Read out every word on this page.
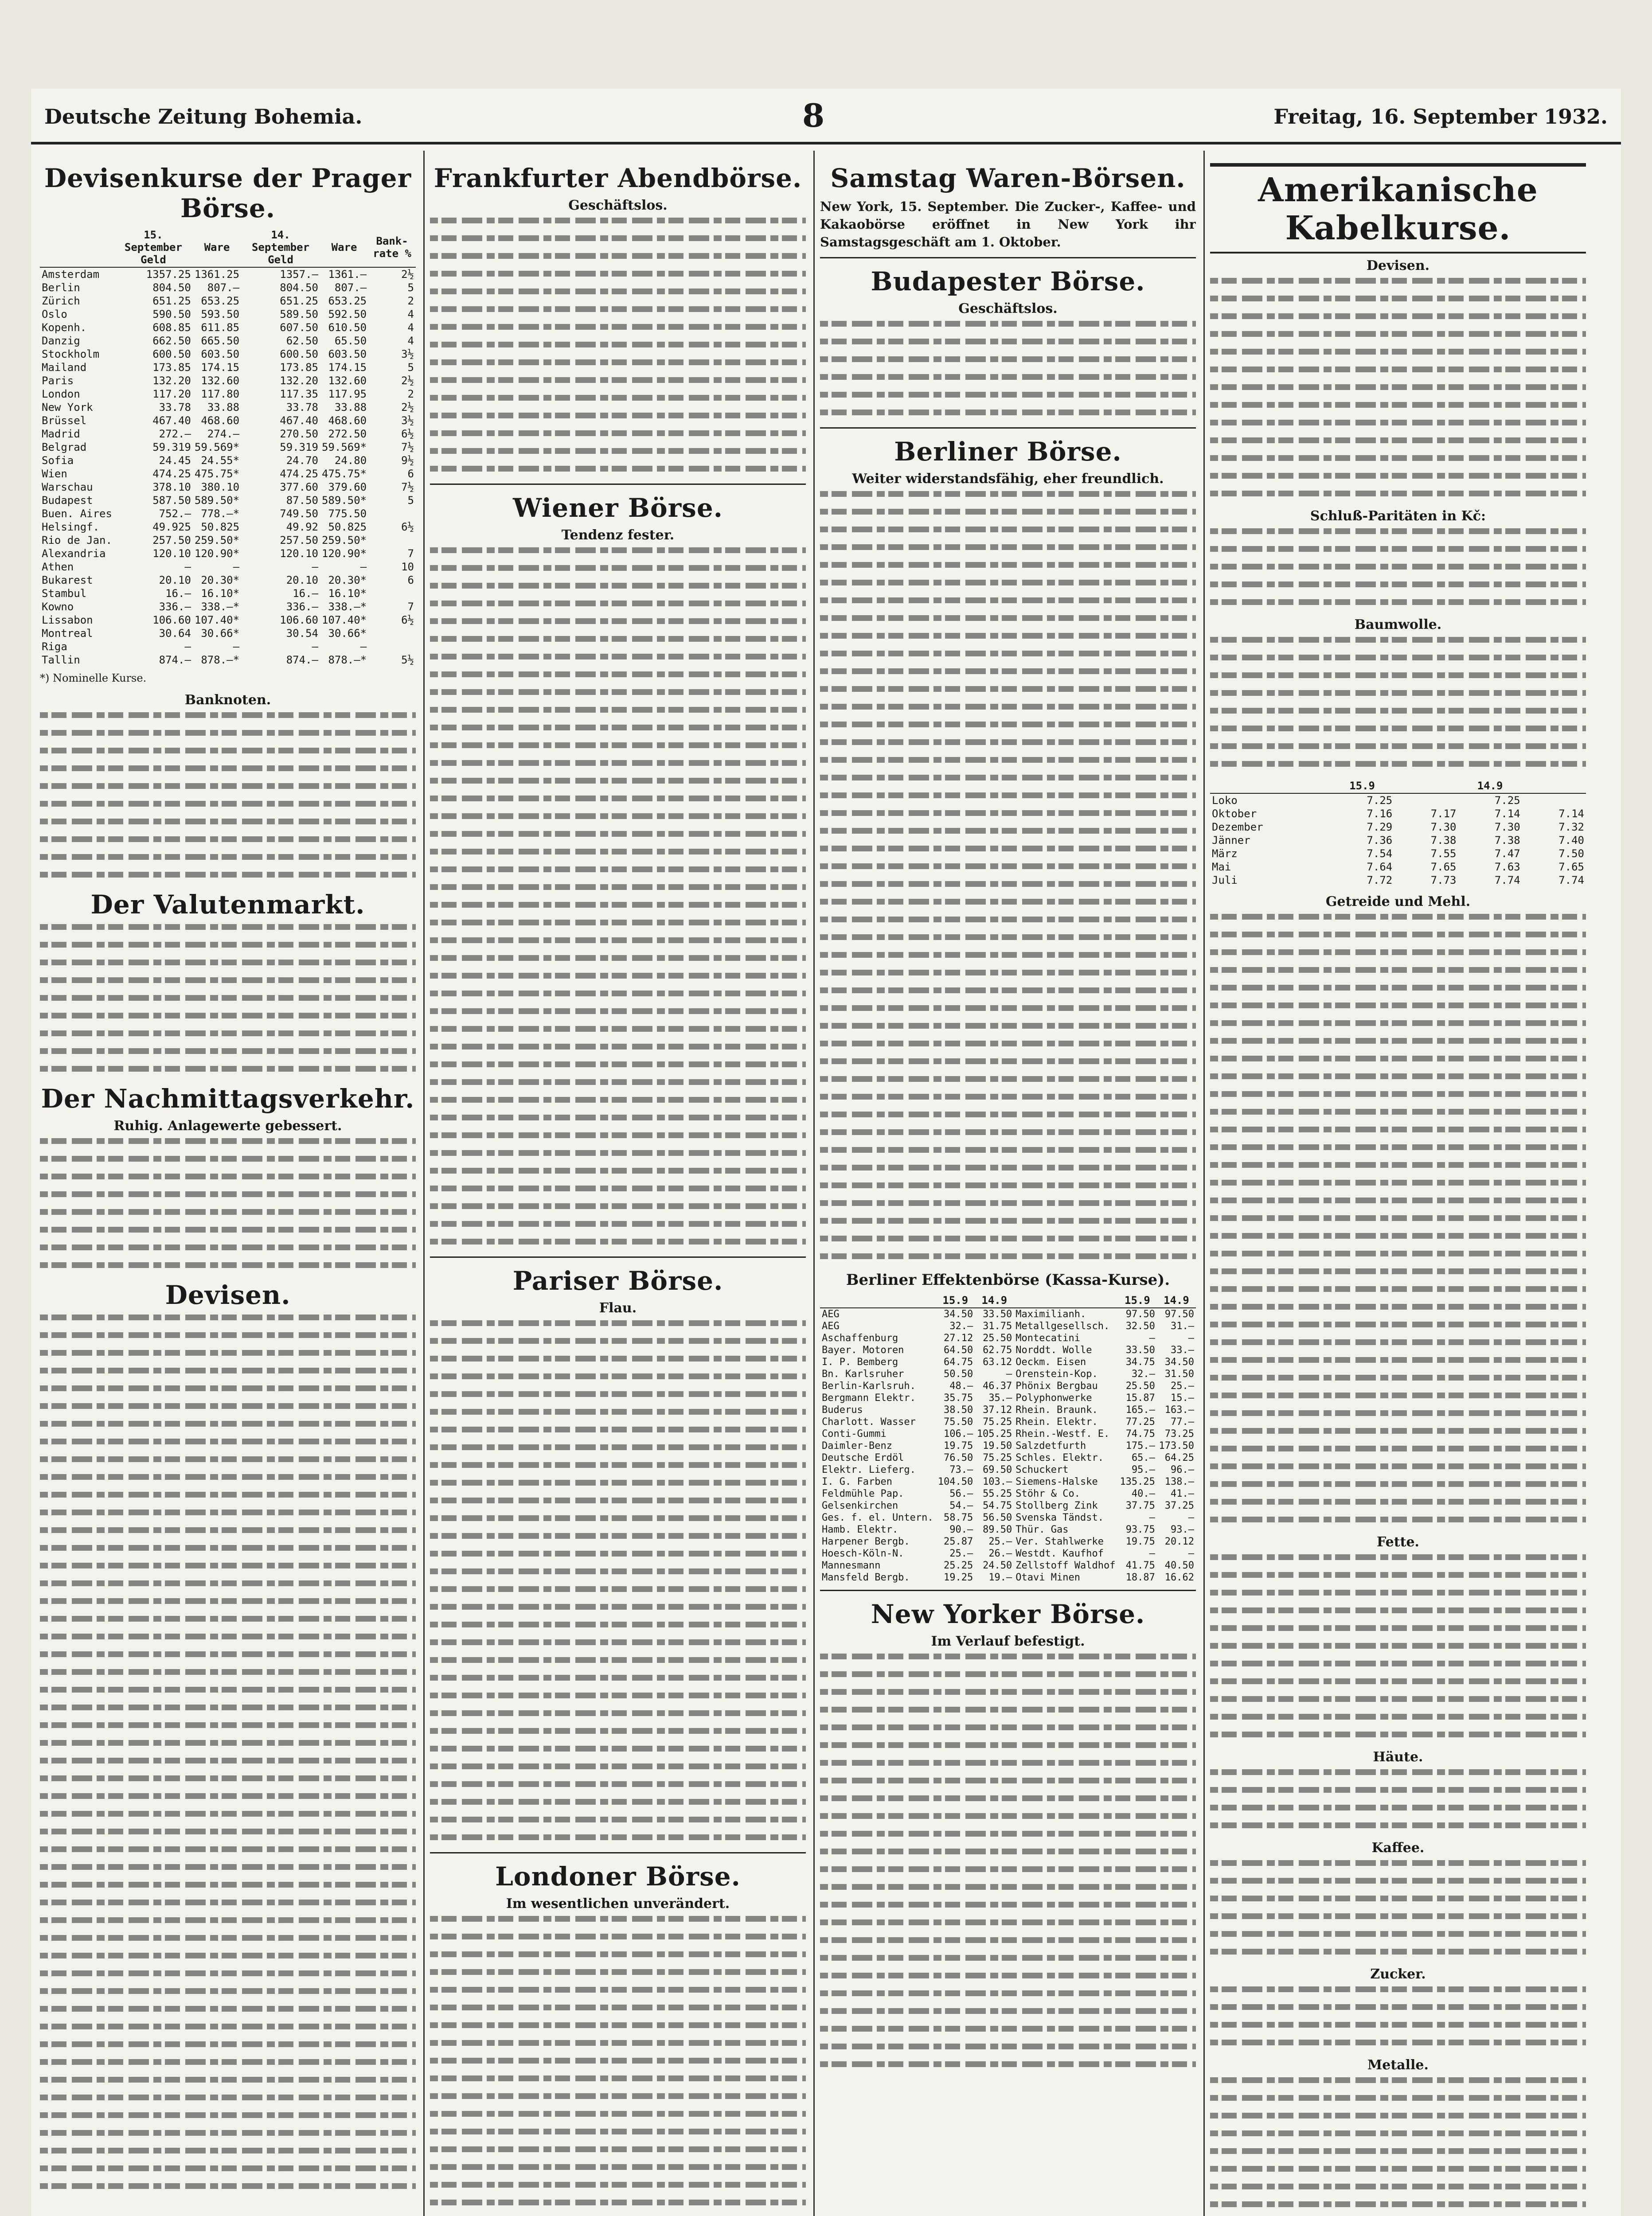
Deutsche Zeitung Bohemia.	8	Freitag, 16. September 1932.
Devisenkurse der Prager Börse.
	15. September Geld	Ware	14. September Geld	Ware	Bank-rate %
Amsterdam	1357.25	1361.25	1357.—	1361.—	2½
Berlin	804.50	807.—	804.50	807.—	5
Zürich	651.25	653.25	651.25	653.25	2
Oslo	590.50	593.50	589.50	592.50	4
Kopenh.	608.85	611.85	607.50	610.50	4
Danzig	662.50	665.50	62.50	65.50	4
Stockholm	600.50	603.50	600.50	603.50	3½
Mailand	173.85	174.15	173.85	174.15	5
Paris	132.20	132.60	132.20	132.60	2½
London	117.20	117.80	117.35	117.95	2
New York	33.78	33.88	33.78	33.88	2½
Brüssel	467.40	468.60	467.40	468.60	3½
Madrid	272.—	274.—	270.50	272.50	6½
Belgrad	59.319	59.569*	59.319	59.569*	7½
Sofia	24.45	24.55*	24.70	24.80	9½
Wien	474.25	475.75*	474.25	475.75*	6
Warschau	378.10	380.10	377.60	379.60	7½
Budapest	587.50	589.50*	87.50	589.50*	5
Buen. Aires	752.—	778.—*	749.50	775.50	
Helsingf.	49.925	50.825	49.92	50.825	6½
Rio de Jan.	257.50	259.50*	257.50	259.50*	
Alexandria	120.10	120.90*	120.10	120.90*	7
Athen	—	—	—	—	10
Bukarest	20.10	20.30*	20.10	20.30*	6
Stambul	16.—	16.10*	16.—	16.10*	
Kowno	336.—	338.—*	336.—	338.—*	7
Lissabon	106.60	107.40*	106.60	107.40*	6½
Montreal	30.64	30.66*	30.54	30.66*	
Riga	—	—	—	—	
Tallin	874.—	878.—*	874.—	878.—*	5½
*) Nominelle Kurse.
Banknoten.
Der Valutenmarkt.
Der Nachmittagsverkehr.
Ruhig. Anlagewerte gebessert.
Devisen.
Frankfurter Abendbörse.
Geschäftslos.
Wiener Börse.
Tendenz fester.
Pariser Börse.
Flau.
Londoner Börse.
Im wesentlichen unverändert.
Samstag Waren-Börsen.
New York, 15. September. Die Zucker-, Kaffee- und Kakaobörse eröffnet in New York ihr Samstagsgeschäft am 1. Oktober.
Budapester Börse.
Geschäftslos.
Berliner Börse.
Weiter widerstandsfähig, eher freundlich.
Berliner Effektenbörse (Kassa-Kurse).
	15.9	14.9		15.9	14.9
AEG	34.50	33.50	Maximilianh.	97.50	97.50
AEG	32.—	31.75	Metallgesellsch.	32.50	31.—
Aschaffenburg	27.12	25.50	Montecatini	—	—
Bayer. Motoren	64.50	62.75	Norddt. Wolle	33.50	33.—
I. P. Bemberg	64.75	63.12	Oeckm. Eisen	34.75	34.50
Bn. Karlsruher	50.50	—	Orenstein-Kop.	32.—	31.50
Berlin-Karlsruh.	48.—	46.37	Phönix Bergbau	25.50	25.—
Bergmann Elektr.	35.75	35.—	Polyphonwerke	15.87	15.—
Buderus	38.50	37.12	Rhein. Braunk.	165.—	163.—
Charlott. Wasser	75.50	75.25	Rhein. Elektr.	77.25	77.—
Conti-Gummi	106.—	105.25	Rhein.-Westf. E.	74.75	73.25
Daimler-Benz	19.75	19.50	Salzdetfurth	175.—	173.50
Deutsche Erdöl	76.50	75.25	Schles. Elektr.	65.—	64.25
Elektr. Lieferg.	73.—	69.50	Schuckert	95.—	96.—
I. G. Farben	104.50	103.—	Siemens-Halske	135.25	138.—
Feldmühle Pap.	56.—	55.25	Stöhr & Co.	40.—	41.—
Gelsenkirchen	54.—	54.75	Stollberg Zink	37.75	37.25
Ges. f. el. Untern.	58.75	56.50	Svenska Tändst.	—	—
Hamb. Elektr.	90.—	89.50	Thür. Gas	93.75	93.—
Harpener Bergb.	25.87	25.—	Ver. Stahlwerke	19.75	20.12
Hoesch-Köln-N.	25.—	26.—	Westdt. Kaufhof	—	—
Mannesmann	25.25	24.50	Zellstoff Waldhof	41.75	40.50
Mansfeld Bergb.	19.25	19.—	Otavi Minen	18.87	16.62
New Yorker Börse.
Im Verlauf befestigt.
Amerikanische Kabelkurse.
Devisen.
Schluß-Paritäten in Kč:
Baumwolle.
	15.9		14.9	
Loko	7.25		7.25	
Oktober	7.16	7.17	7.14	7.14
Dezember	7.29	7.30	7.30	7.32
Jänner	7.36	7.38	7.38	7.40
März	7.54	7.55	7.47	7.50
Mai	7.64	7.65	7.63	7.65
Juli	7.72	7.73	7.74	7.74
Getreide und Mehl.
Fette.
Häute.
Kaffee.
Zucker.
Metalle.
